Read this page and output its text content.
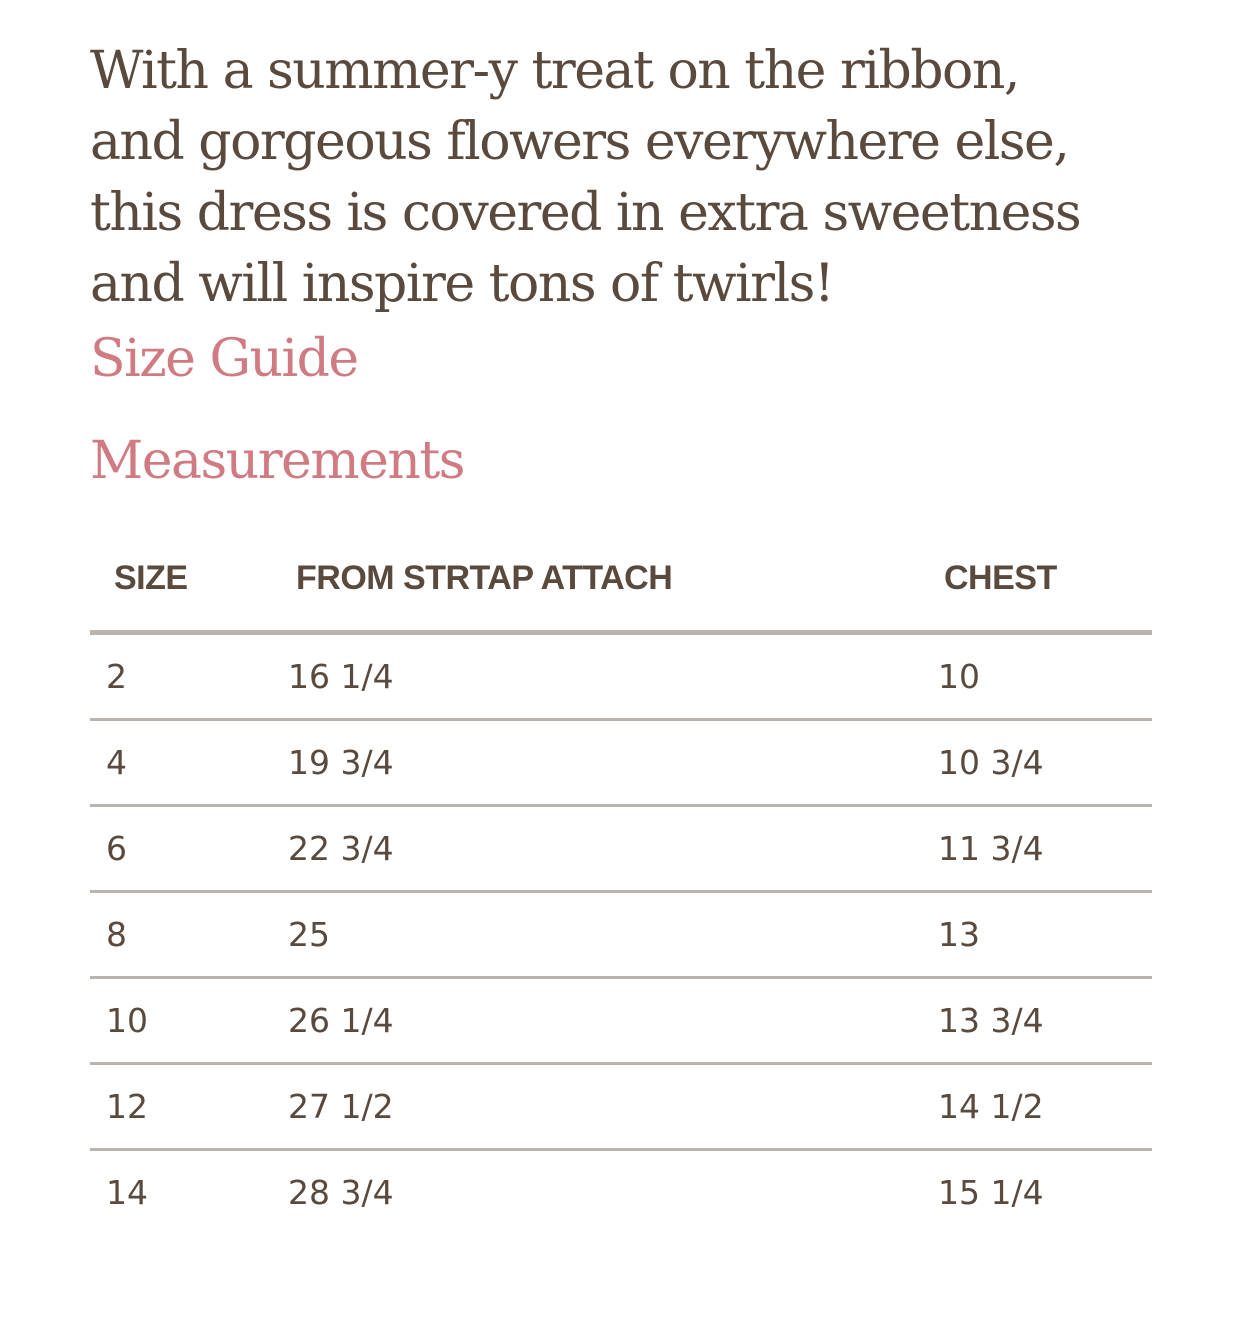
With a summer-y treat on the ribbon,
and gorgeous flowers everywhere else,
this dress is covered in extra sweetness
and will inspire tons of twirls!
Size Guide
Measurements
SIZE	FROM STRTAP ATTACH	CHEST
2	16 1/4	10
4	19 3/4	10 3/4
6	22 3/4	11 3/4
8	25	13
10	26 1/4	13 3/4
12	27 1/2	14 1/2
14	28 3/4	15 1/4
